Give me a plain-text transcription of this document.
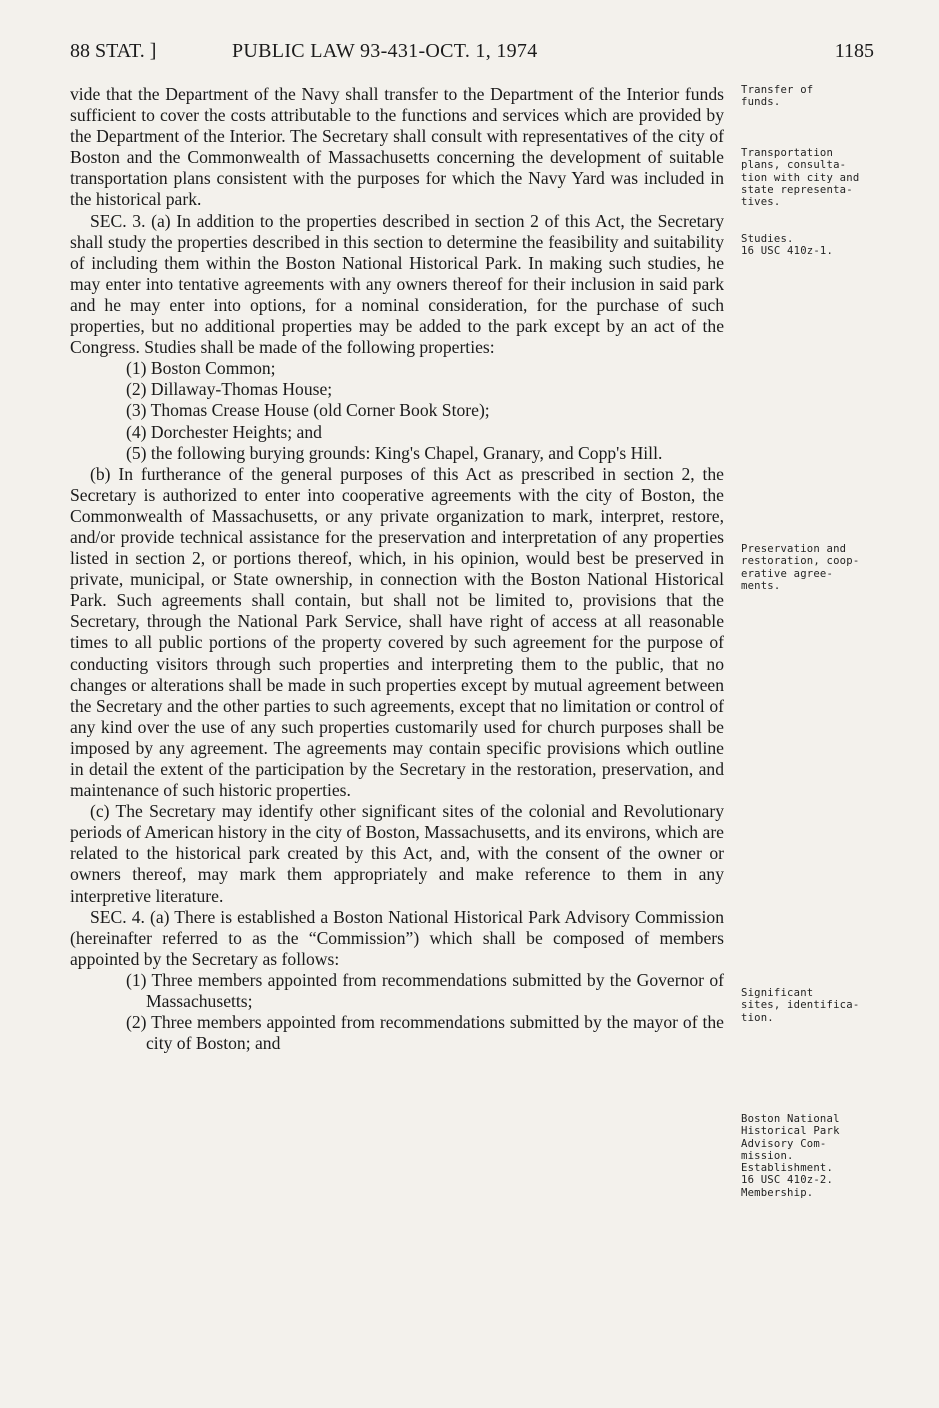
88 STAT. ]	PUBLIC LAW 93-431-OCT. 1, 1974	1185

vide that the Department of the Navy shall transfer to the Department of the Interior funds sufficient to cover the costs attributable to the functions and services which are provided by the Department of the Interior. The Secretary shall consult with representatives of the city of Boston and the Commonwealth of Massachusetts concerning the development of suitable transportation plans consistent with the purposes for which the Navy Yard was included in the historical park.

SEC. 3. (a) In addition to the properties described in section 2 of this Act, the Secretary shall study the properties described in this section to determine the feasibility and suitability of including them within the Boston National Historical Park. In making such studies, he may enter into tentative agreements with any owners thereof for their inclusion in said park and he may enter into options, for a nominal consideration, for the purchase of such properties, but no additional properties may be added to the park except by an act of the Congress. Studies shall be made of the following properties:

(1) Boston Common;

(2) Dillaway-Thomas House;

(3) Thomas Crease House (old Corner Book Store);

(4) Dorchester Heights; and

(5) the following burying grounds: King's Chapel, Granary, and Copp's Hill.

(b) In furtherance of the general purposes of this Act as prescribed in section 2, the Secretary is authorized to enter into cooperative agreements with the city of Boston, the Commonwealth of Massachusetts, or any private organization to mark, interpret, restore, and/or provide technical assistance for the preservation and interpretation of any properties listed in section 2, or portions thereof, which, in his opinion, would best be preserved in private, municipal, or State ownership, in connection with the Boston National Historical Park. Such agreements shall contain, but shall not be limited to, provisions that the Secretary, through the National Park Service, shall have right of access at all reasonable times to all public portions of the property covered by such agreement for the purpose of conducting visitors through such properties and interpreting them to the public, that no changes or alterations shall be made in such properties except by mutual agreement between the Secretary and the other parties to such agreements, except that no limitation or control of any kind over the use of any such properties customarily used for church purposes shall be imposed by any agreement. The agreements may contain specific provisions which outline in detail the extent of the participation by the Secretary in the restoration, preservation, and maintenance of such historic properties.

(c) The Secretary may identify other significant sites of the colonial and Revolutionary periods of American history in the city of Boston, Massachusetts, and its environs, which are related to the historical park created by this Act, and, with the consent of the owner or owners thereof, may mark them appropriately and make reference to them in any interpretive literature.

SEC. 4. (a) There is established a Boston National Historical Park Advisory Commission (hereinafter referred to as the “Commission”) which shall be composed of members appointed by the Secretary as follows:

(1) Three members appointed from recommendations submitted by the Governor of Massachusetts;

(2) Three members appointed from recommendations submitted by the mayor of the city of Boston; and

Transfer of
funds.
Transportation
plans, consulta-
tion with city and
state representa-
tives.
Studies.
16 USC 410z-1.
Preservation and
restoration, coop-
erative agree-
ments.
Significant
sites, identifica-
tion.
Boston National
Historical Park
Advisory Com-
mission.
Establishment.
16 USC 410z-2.
Membership.
